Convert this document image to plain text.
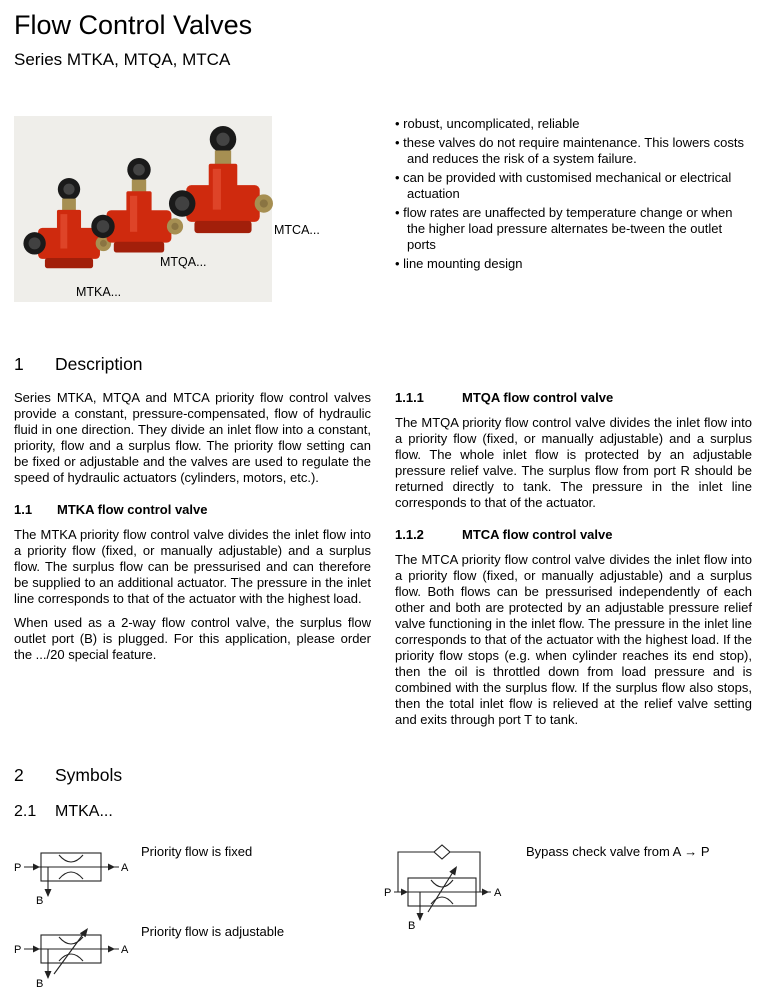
Flow Control Valves
Series MTKA, MTQA, MTCA
MTCA...
MTQA...
MTKA...
• robust, uncomplicated, reliable
• these valves do not require maintenance. This lowers costs and reduces the risk of a system failure.
• can be provided with customised mechanical or electrical actuation
• flow rates are unaffected by temperature change or when the higher load pressure alternates be-tween the outlet ports
• line mounting design
1 Description

Series MTKA, MTQA and MTCA priority flow control valves provide a constant, pressure-compensated, flow of hydraulic fluid in one direction. They divide an inlet flow into a constant, priority, flow and a surplus flow. The priority flow setting can be fixed or adjustable and the valves are used to regulate the speed of hydraulic actuators (cylinders, motors, etc.).

1.1 MTKA flow control valve

The MTKA priority flow control valve divides the inlet flow into a priority flow (fixed, or manually adjustable) and a surplus flow. The surplus flow can be pressurised and can therefore be supplied to an additional actuator. The pressure in the inlet line corresponds to that of the actuator with the highest load.

When used as a 2-way flow control valve, the surplus flow outlet port (B) is plugged. For this application, please order the .../20 special feature.

1.1.1	MTQA flow control valve

The MTQA priority flow control valve divides the inlet flow into a priority flow (fixed, or manually adjustable) and a surplus flow. The whole inlet flow is protected by an adjustable pressure relief valve. The surplus flow from port R should be returned directly to tank. The pressure in the inlet line corresponds to that of the actuator.

1.1.2	MTCA flow control valve

The MTCA priority flow control valve divides the inlet flow into a priority flow (fixed, or manually adjustable) and a surplus flow. Both flows can be pressurised independently of each other and both are protected by an adjustable pressure relief valve functioning in the inlet flow. The pressure in the inlet line corresponds to that of the actuator with the highest load. If the priority flow stops (e.g. when cylinder reaches its end stop), then the oil is throttled down from load pressure and is combined with the surplus flow. If the surplus flow also stops, then the total inlet flow is relieved at the relief valve setting and exits through port T to tank.

2 Symbols
2.1 MTKA...
P	A
B
Priority flow is fixed
P	A
B
Priority flow is adjustable
P	A
B
Bypass check valve from A → P
